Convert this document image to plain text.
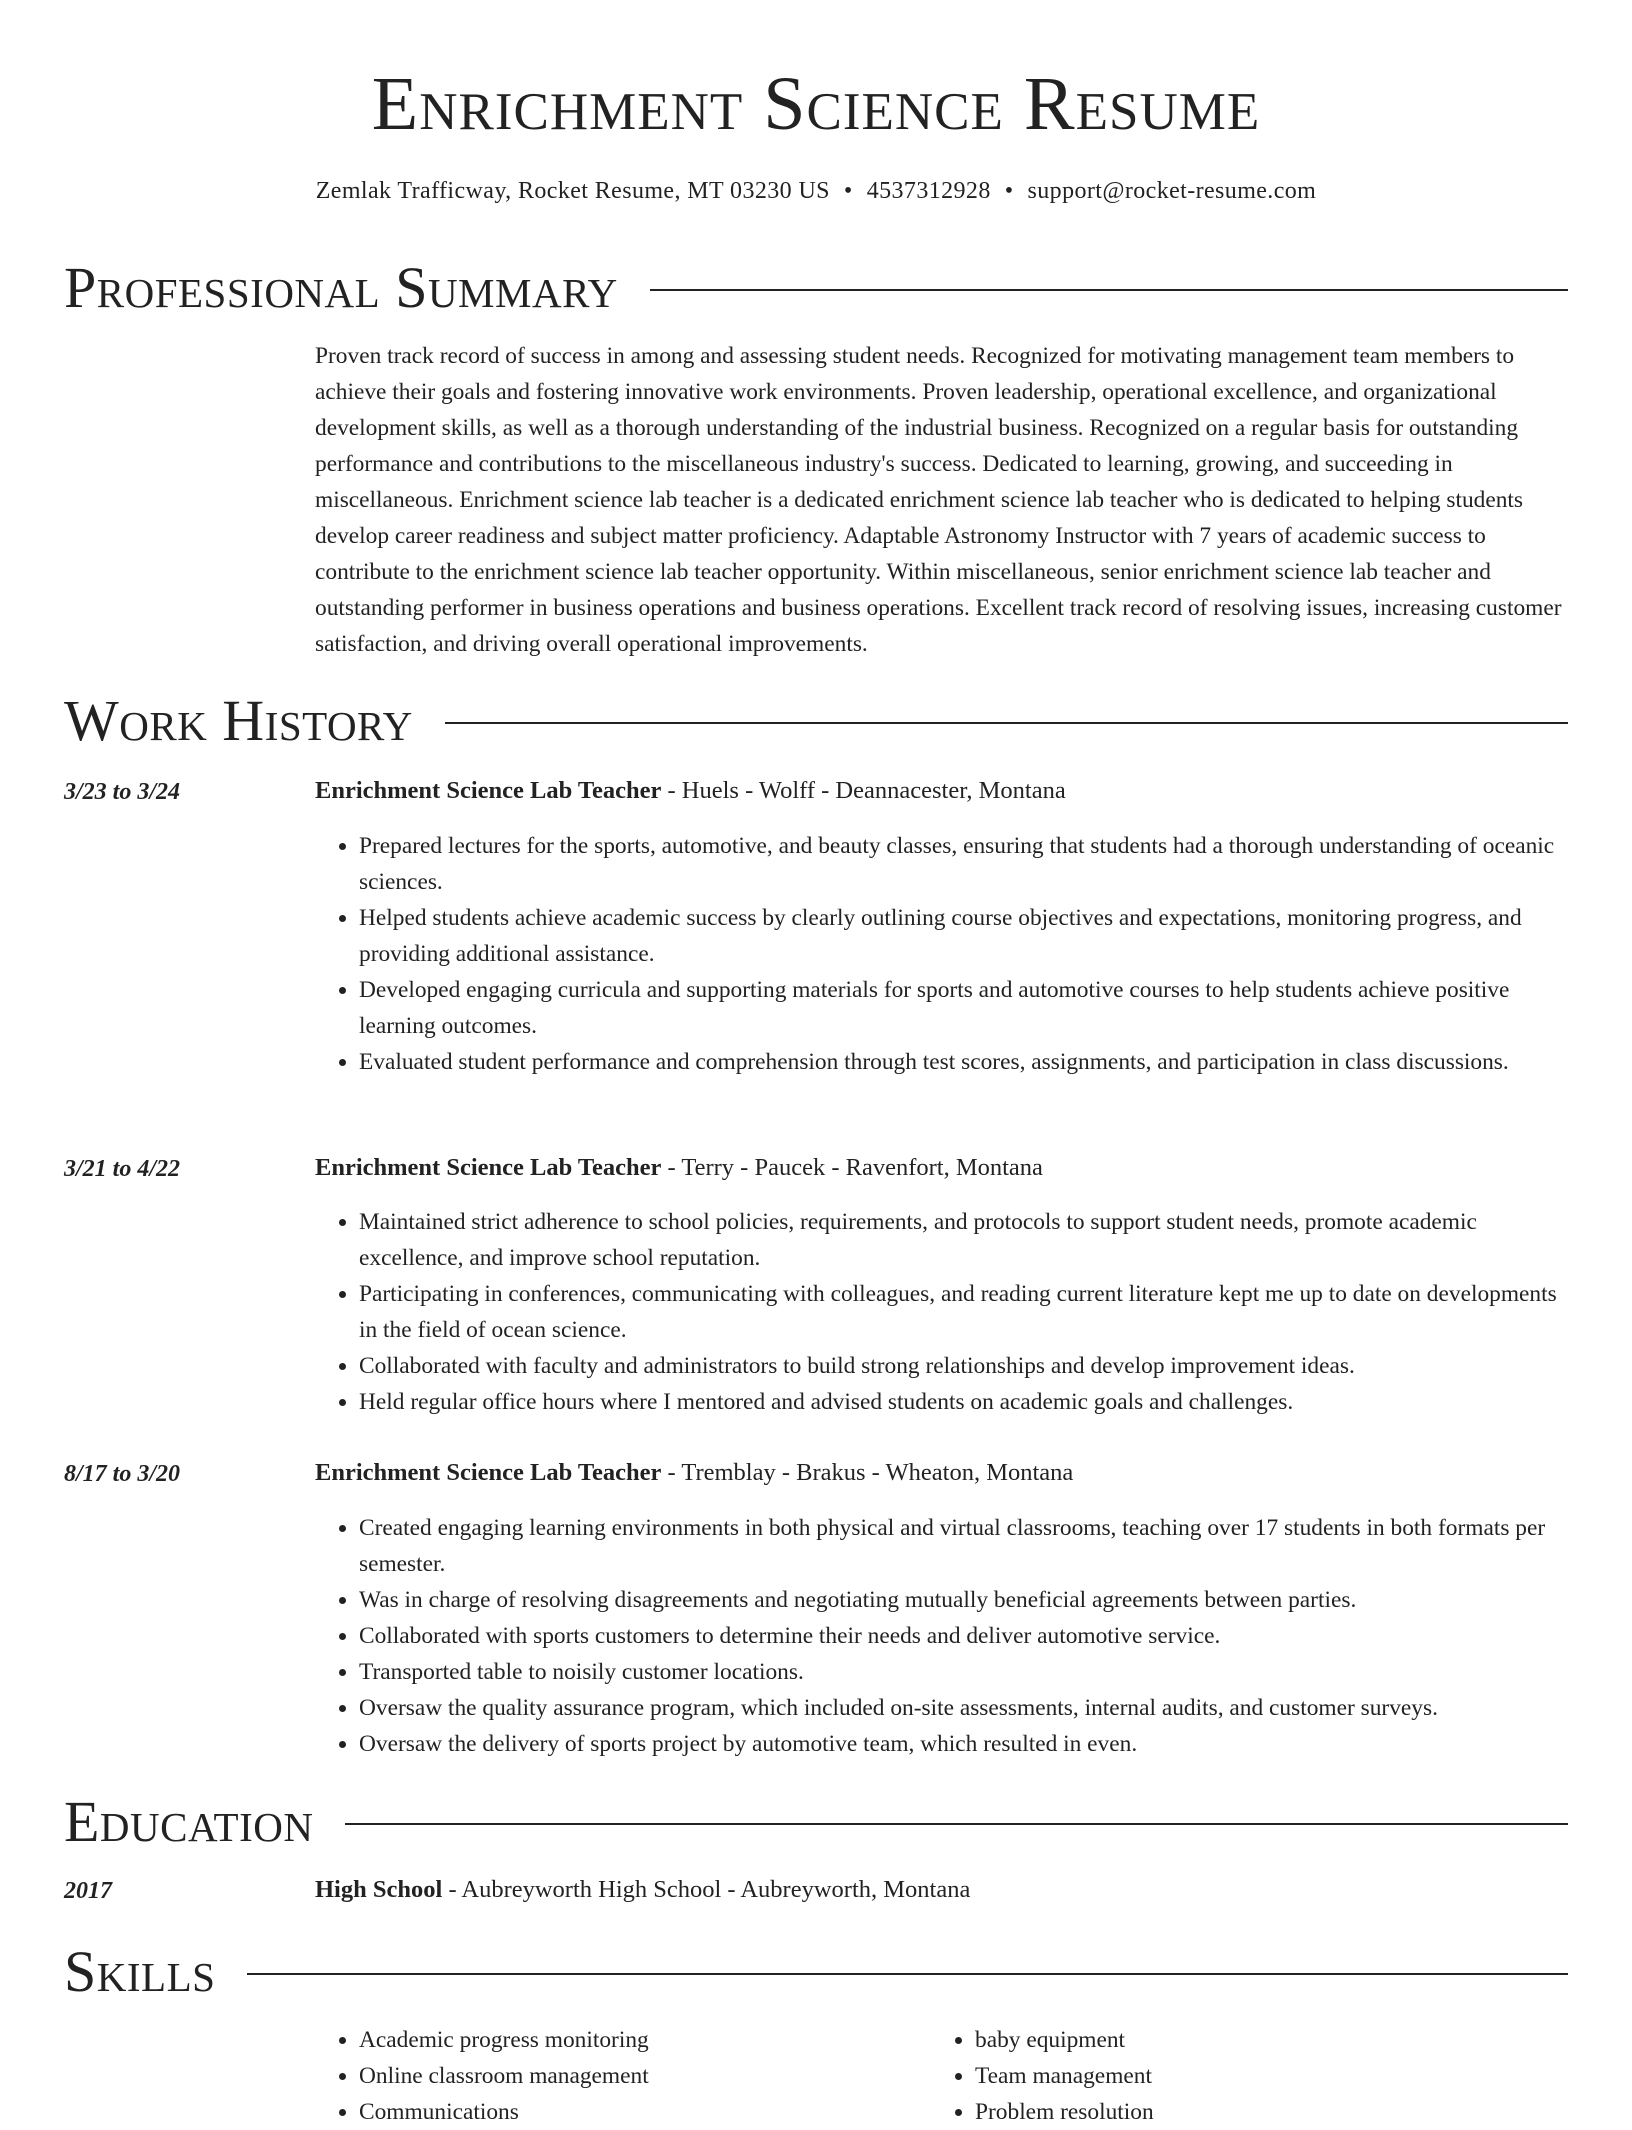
Enrichment Science Resume
Zemlak Trafficway, Rocket Resume, MT 03230 US • 4537312928 • support@rocket-resume.com
Professional Summary

Proven track record of success in among and assessing student needs. Recognized for motivating management team members to achieve their goals and fostering innovative work environments. Proven leadership, operational excellence, and organizational development skills, as well as a thorough understanding of the industrial business. Recognized on a regular basis for outstanding performance and contributions to the miscellaneous industry's success. Dedicated to learning, growing, and succeeding in miscellaneous. Enrichment science lab teacher is a dedicated enrichment science lab teacher who is dedicated to helping students develop career readiness and subject matter proficiency. Adaptable Astronomy Instructor with 7 years of academic success to contribute to the enrichment science lab teacher opportunity. Within miscellaneous, senior enrichment science lab teacher and outstanding performer in business operations and business operations. Excellent track record of resolving issues, increasing customer satisfaction, and driving overall operational improvements.

Work History
3/23 to 3/24	Enrichment Science Lab Teacher - Huels - Wolff - Deannacester, Montana
• Prepared lectures for the sports, automotive, and beauty classes, ensuring that students had a thorough understanding of oceanic sciences.
• Helped students achieve academic success by clearly outlining course objectives and expectations, monitoring progress, and providing additional assistance.
• Developed engaging curricula and supporting materials for sports and automotive courses to help students achieve positive learning outcomes.
• Evaluated student performance and comprehension through test scores, assignments, and participation in class discussions.
3/21 to 4/22	Enrichment Science Lab Teacher - Terry - Paucek - Ravenfort, Montana
• Maintained strict adherence to school policies, requirements, and protocols to support student needs, promote academic excellence, and improve school reputation.
• Participating in conferences, communicating with colleagues, and reading current literature kept me up to date on developments in the field of ocean science.
• Collaborated with faculty and administrators to build strong relationships and develop improvement ideas.
• Held regular office hours where I mentored and advised students on academic goals and challenges.
8/17 to 3/20	Enrichment Science Lab Teacher - Tremblay - Brakus - Wheaton, Montana
• Created engaging learning environments in both physical and virtual classrooms, teaching over 17 students in both formats per semester.
• Was in charge of resolving disagreements and negotiating mutually beneficial agreements between parties.
• Collaborated with sports customers to determine their needs and deliver automotive service.
• Transported table to noisily customer locations.
• Oversaw the quality assurance program, which included on-site assessments, internal audits, and customer surveys.
• Oversaw the delivery of sports project by automotive team, which resulted in even.
Education
2017	High School - Aubreyworth High School - Aubreyworth, Montana
Skills
• Academic progress monitoring
• Online classroom management
• Communications
• baby equipment
• Team management
• Problem resolution
